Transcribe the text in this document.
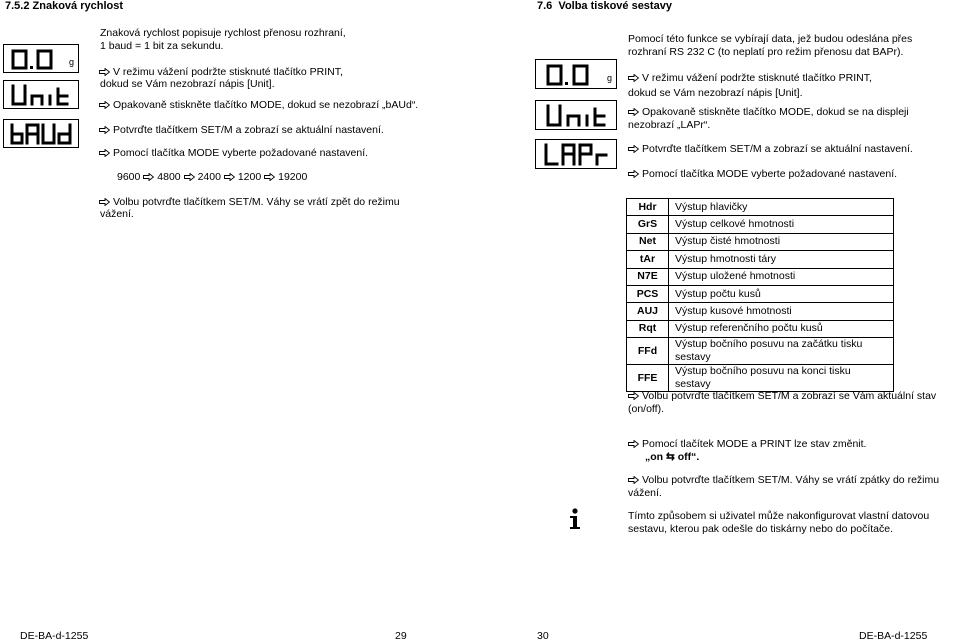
7.5.2 Znaková rychlost
Znaková rychlost popisuje rychlost přenosu rozhraní,
1 baud = 1 bit za sekundu.
g
V režimu vážení podržte stisknuté tlačítko PRINT,
dokud se Vám nezobrazí nápis [Unit].
Opakovaně stiskněte tlačítko MODE, dokud se nezobrazí „bAUd“.
Potvrďte tlačítkem SET/M a zobrazí se aktuální nastavení.
Pomocí tlačítka MODE vyberte požadované nastavení.
9600 4800 2400 1200 19200
Volbu potvrďte tlačítkem SET/M. Váhy se vrátí zpět do režimu
vážení.
7.6 Volba tiskové sestavy
Pomocí této funkce se vybírají data, jež budou odeslána přes
rozhraní RS 232 C (to neplatí pro režim přenosu dat BAPr).
g	V režimu vážení podržte stisknuté tlačítko PRINT,
dokud se Vám nezobrazí nápis [Unit].
Opakovaně stiskněte tlačítko MODE, dokud se na displeji
nezobrazí „LAPr“.
Potvrďte tlačítkem SET/M a zobrazí se aktuální nastavení.
Pomocí tlačítka MODE vyberte požadované nastavení.
Hdr	Výstup hlavičky
GrS	Výstup celkové hmotnosti
Net	Výstup čisté hmotnosti
tAr	Výstup hmotnosti táry
N7E	Výstup uložené hmotnosti
PCS	Výstup počtu kusů
AUJ	Výstup kusové hmotnosti
Rqt	Výstup referenčního počtu kusů
FFd	Výstup bočního posuvu na začátku tisku sestavy
FFE	Výstup bočního posuvu na konci tisku sestavy
Volbu potvrďte tlačítkem SET/M a zobrazí se Vám aktuální stav
(on/off).
Pomocí tlačítek MODE a PRINT lze stav změnit.
„on ⇆ off“.
Volbu potvrďte tlačítkem SET/M. Váhy se vrátí zpátky do režimu
vážení.
Tímto způsobem si uživatel může nakonfigurovat vlastní datovou
sestavu, kterou pak odešle do tiskárny nebo do počítače.
DE-BA-d-1255	29	30	DE-BA-d-1255
